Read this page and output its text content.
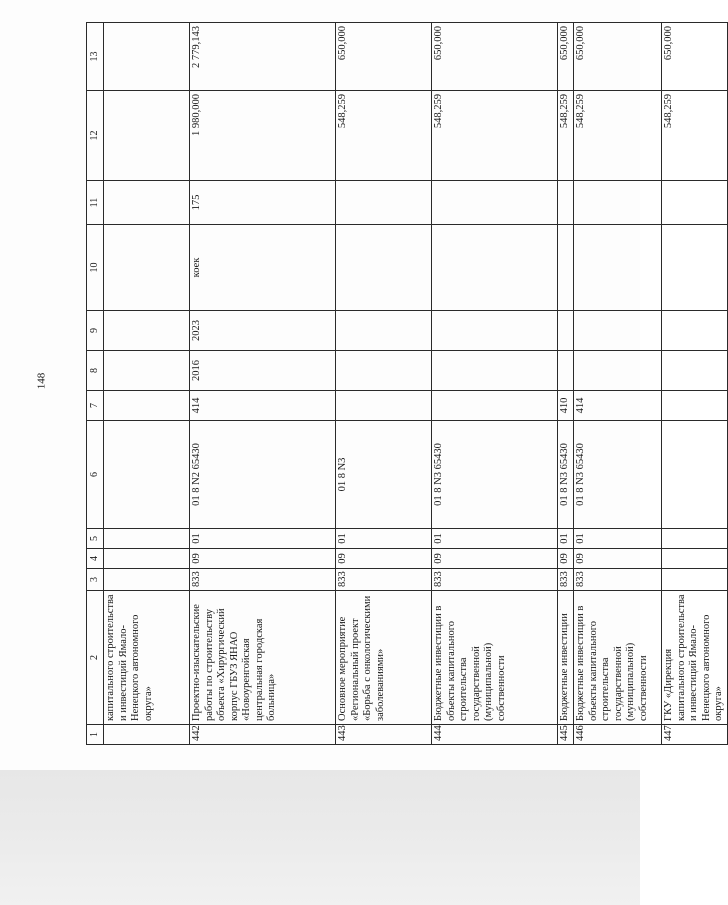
148
1	2	3	4	5	6	7	8	9	10	11	12	13
	капитального строительства и инвестиций Ямало-Ненецкого автономного округа»											
442	Проектно-изыскательские работы по строительству объекта «Хирургический корпус ГБУЗ ЯНАО «Новоуренгойская центральная городская больница»	833	09	01	01 8 N2 65430	414	2016	2023	коек	175	1 980,000	2 779,143
443	Основное мероприятие «Региональный проект «Борьба с онкологическими заболеваниями»	833	09	01	01 8 N3						548,259	650,000
444	Бюджетные инвестиции в объекты капитального строительства государственной (муниципальной) собственности	833	09	01	01 8 N3 65430						548,259	650,000
445	Бюджетные инвестиции	833	09	01	01 8 N3 65430	410					548,259	650,000
446	Бюджетные инвестиции в объекты капитального строительства государственной (муниципальной) собственности	833	09	01	01 8 N3 65430	414					548,259	650,000
447	ГКУ «Дирекция капитального строительства и инвестиций Ямало-Ненецкого автономного округа»										548,259	650,000
